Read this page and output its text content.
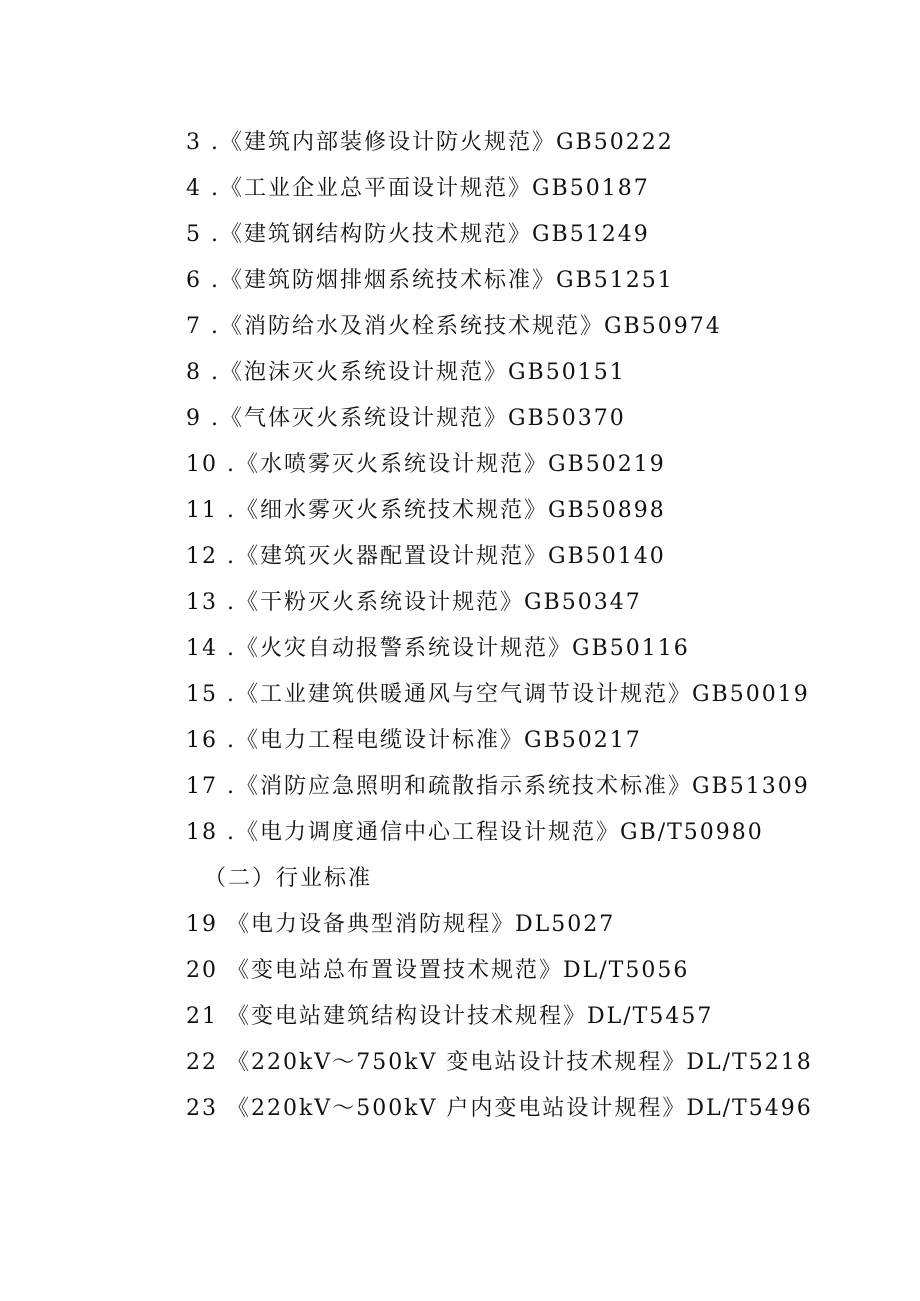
3 .《建筑内部装修设计防火规范》GB50222
4 .《工业企业总平面设计规范》GB50187
5 .《建筑钢结构防火技术规范》GB51249
6 .《建筑防烟排烟系统技术标准》GB51251
7 .《消防给水及消火栓系统技术规范》GB50974
8 .《泡沫灭火系统设计规范》GB50151
9 .《气体灭火系统设计规范》GB50370
10 .《水喷雾灭火系统设计规范》GB50219
11 .《细水雾灭火系统技术规范》GB50898
12 .《建筑灭火器配置设计规范》GB50140
13 .《干粉灭火系统设计规范》GB50347
14 .《火灾自动报警系统设计规范》GB50116
15 .《工业建筑供暖通风与空气调节设计规范》GB50019
16 .《电力工程电缆设计标准》GB50217
17 .《消防应急照明和疏散指示系统技术标准》GB51309
18 .《电力调度通信中心工程设计规范》GB/T50980
（二）行业标准
19 《电力设备典型消防规程》DL5027
20 《变电站总布置设置技术规范》DL/T5056
21 《变电站建筑结构设计技术规程》DL/T5457
22 《220kV～750kV 变电站设计技术规程》DL/T5218
23 《220kV～500kV 户内变电站设计规程》DL/T5496
